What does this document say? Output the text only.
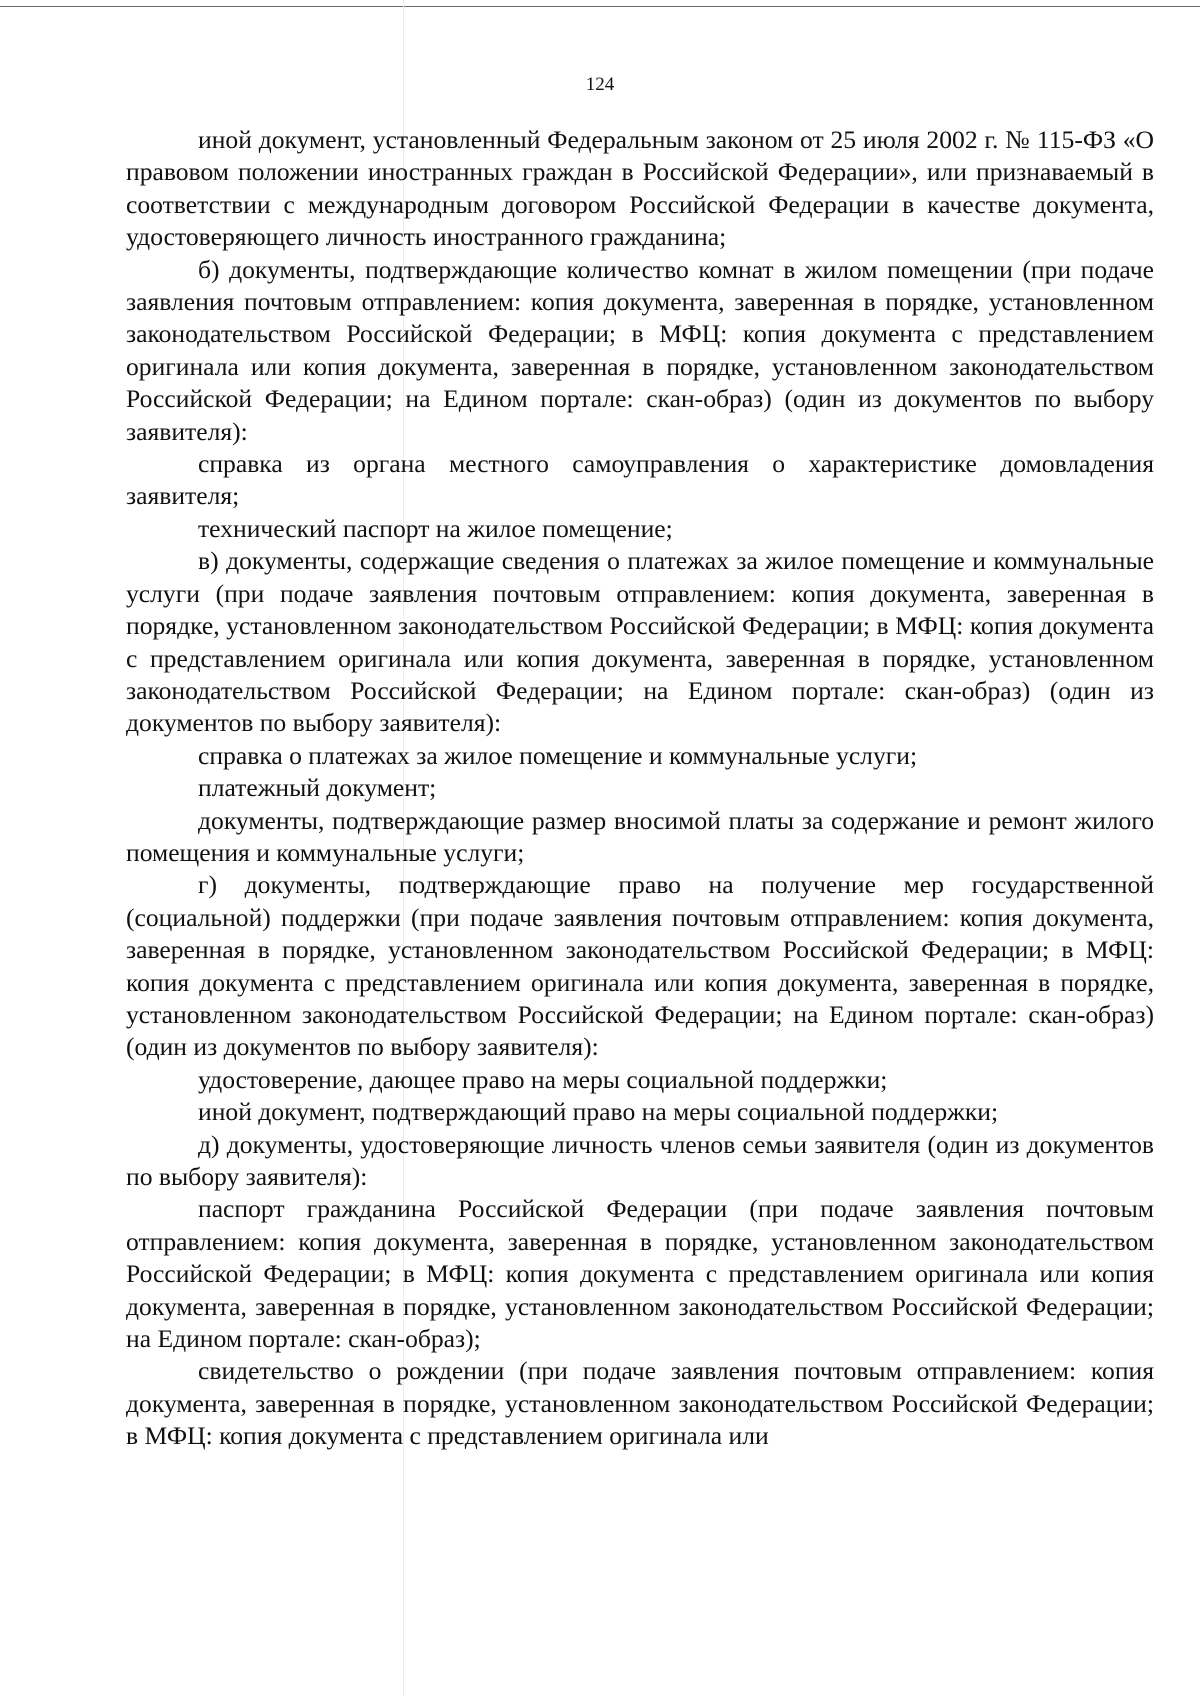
124

иной документ, установленный Федеральным законом от 25 июля 2002 г. № 115-ФЗ «О правовом положении иностранных граждан в Российской Федерации», или признаваемый в соответствии с международным договором Российской Федерации в качестве документа, удостоверяющего личность иностранного гражданина;

б) документы, подтверждающие количество комнат в жилом помещении (при подаче заявления почтовым отправлением: копия документа, заверенная в порядке, установленном законодательством Российской Федерации; в МФЦ: копия документа с представлением оригинала или копия документа, заверенная в порядке, установленном законодательством Российской Федерации; на Едином портале: скан-образ) (один из документов по выбору заявителя):

справка из органа местного самоуправления о характеристике домовладения заявителя;

технический паспорт на жилое помещение;

в) документы, содержащие сведения о платежах за жилое помещение и коммунальные услуги (при подаче заявления почтовым отправлением: копия документа, заверенная в порядке, установленном законодательством Российской Федерации; в МФЦ: копия документа с представлением оригинала или копия документа, заверенная в порядке, установленном законодательством Российской Федерации; на Едином портале: скан-образ) (один из документов по выбору заявителя):

справка о платежах за жилое помещение и коммунальные услуги;

платежный документ;

документы, подтверждающие размер вносимой платы за содержание и ремонт жилого помещения и коммунальные услуги;

г) документы, подтверждающие право на получение мер государственной (социальной) поддержки (при подаче заявления почтовым отправлением: копия документа, заверенная в порядке, установленном законодательством Российской Федерации; в МФЦ: копия документа с представлением оригинала или копия документа, заверенная в порядке, установленном законодательством Российской Федерации; на Едином портале: скан-образ) (один из документов по выбору заявителя):

удостоверение, дающее право на меры социальной поддержки;

иной документ, подтверждающий право на меры социальной поддержки;

д) документы, удостоверяющие личность членов семьи заявителя (один из документов по выбору заявителя):

паспорт гражданина Российской Федерации (при подаче заявления почтовым отправлением: копия документа, заверенная в порядке, установленном законодательством Российской Федерации; в МФЦ: копия документа с представлением оригинала или копия документа, заверенная в порядке, установленном законодательством Российской Федерации; на Едином портале: скан-образ);

свидетельство о рождении (при подаче заявления почтовым отправлением: копия документа, заверенная в порядке, установленном законодательством Российской Федерации; в МФЦ: копия документа с представлением оригинала или
